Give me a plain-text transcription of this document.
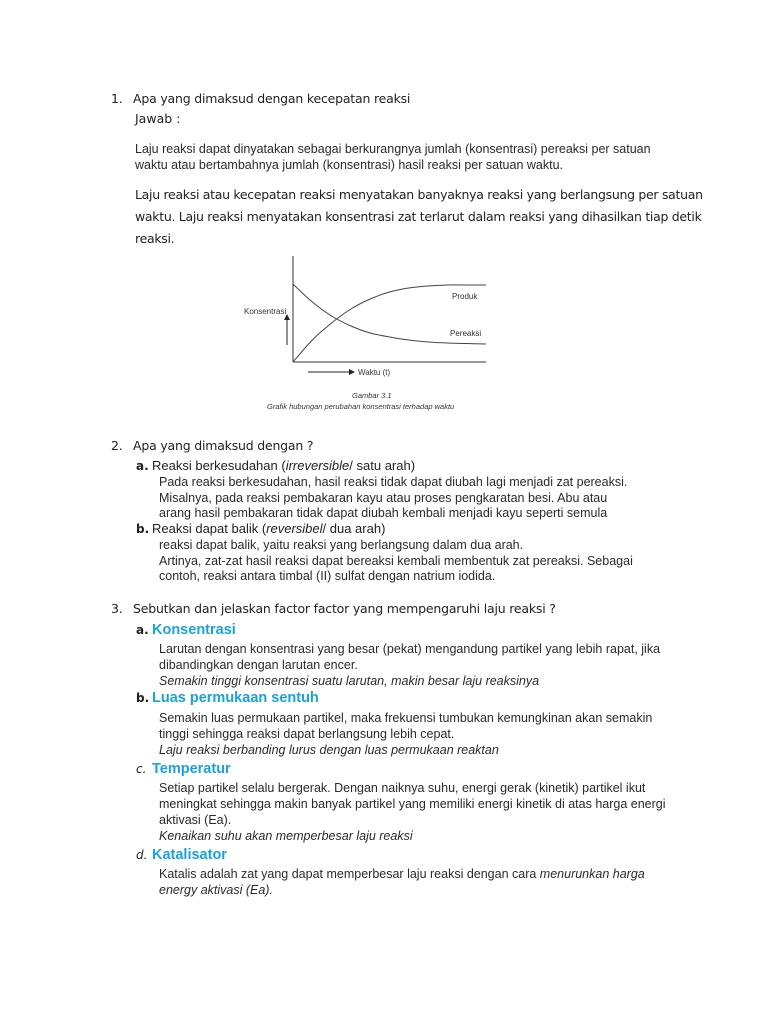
1. Apa yang dimaksud dengan kecepatan reaksi
Jawab :
Laju reaksi dapat dinyatakan sebagai berkurangnya jumlah (konsentrasi) pereaksi per satuan
waktu atau bertambahnya jumlah (konsentrasi) hasil reaksi per satuan waktu.
Laju reaksi atau kecepatan reaksi menyatakan banyaknya reaksi yang berlangsung per satuan
waktu. Laju reaksi menyatakan konsentrasi zat terlarut dalam reaksi yang dihasilkan tiap detik
reaksi.
Konsentrasi
Produk
Pereaksi
Waktu (t)
Gambar 3.1
Grafik hubungan perubahan konsentrasi terhadap waktu
2. Apa yang dimaksud dengan ?
a. Reaksi berkesudahan (irreversible/ satu arah)
Pada reaksi berkesudahan, hasil reaksi tidak dapat diubah lagi menjadi zat pereaksi.
Misalnya, pada reaksi pembakaran kayu atau proses pengkaratan besi. Abu atau
arang hasil pembakaran tidak dapat diubah kembali menjadi kayu seperti semula
b. Reaksi dapat balik (reversibel/ dua arah)
reaksi dapat balik, yaitu reaksi yang berlangsung dalam dua arah.
Artinya, zat-zat hasil reaksi dapat bereaksi kembali membentuk zat pereaksi. Sebagai
contoh, reaksi antara timbal (II) sulfat dengan natrium iodida.
3. Sebutkan dan jelaskan factor factor yang mempengaruhi laju reaksi ?
a. Konsentrasi
Larutan dengan konsentrasi yang besar (pekat) mengandung partikel yang lebih rapat, jika
dibandingkan dengan larutan encer.
Semakin tinggi konsentrasi suatu larutan, makin besar laju reaksinya
b. Luas permukaan sentuh
Semakin luas permukaan partikel, maka frekuensi tumbukan kemungkinan akan semakin
tinggi sehingga reaksi dapat berlangsung lebih cepat.
Laju reaksi berbanding lurus dengan luas permukaan reaktan
c. Temperatur
Setiap partikel selalu bergerak. Dengan naiknya suhu, energi gerak (kinetik) partikel ikut
meningkat sehingga makin banyak partikel yang memiliki energi kinetik di atas harga energi
aktivasi (Ea).
Kenaikan suhu akan memperbesar laju reaksi
d. Katalisator
Katalis adalah zat yang dapat memperbesar laju reaksi dengan cara menurunkan harga
energy aktivasi (Ea).
